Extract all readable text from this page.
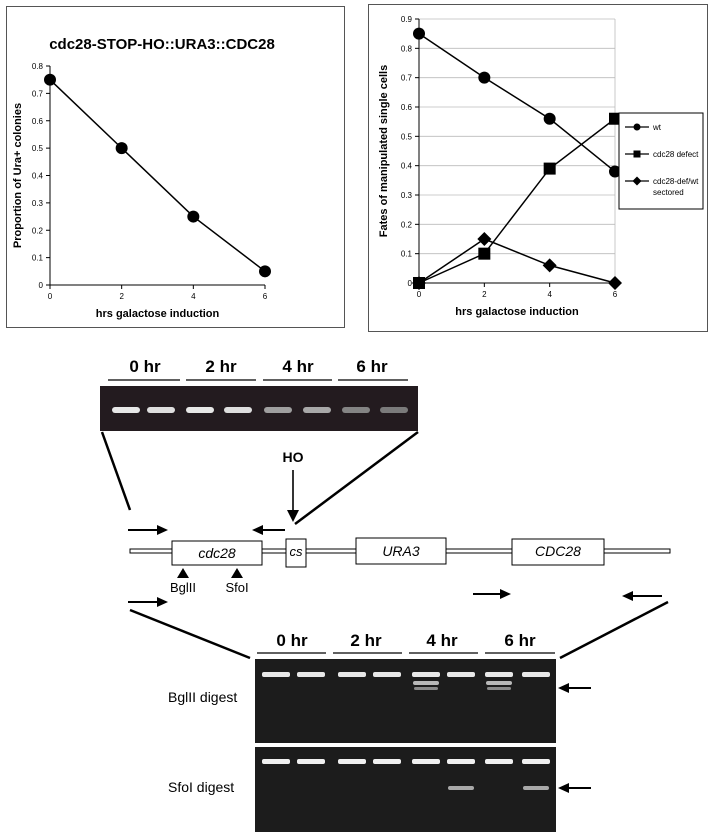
cdc28-STOP-HO::URA3::CDC28
0
0.1
0.2
0.3
0.4
0.5
0.6
0.7
0.8
0	2	4	6
hrs galactose induction
Proportion of Ura+ colonies
0
0.1
0.2
0.3
0.4
0.5
0.6
0.7
0.8
0.9
0	2	4	6
hrs galactose induction
Fates of manipulated single cells	wt
cdc28 defect
cdc28-def/wt sectored
0 hr	2 hr	4 hr	6 hr
HO
cdc28	cs	URA3	CDC28
BglII SfoI
0 hr	2 hr	4 hr	6 hr
BglII digest
SfoI digest
